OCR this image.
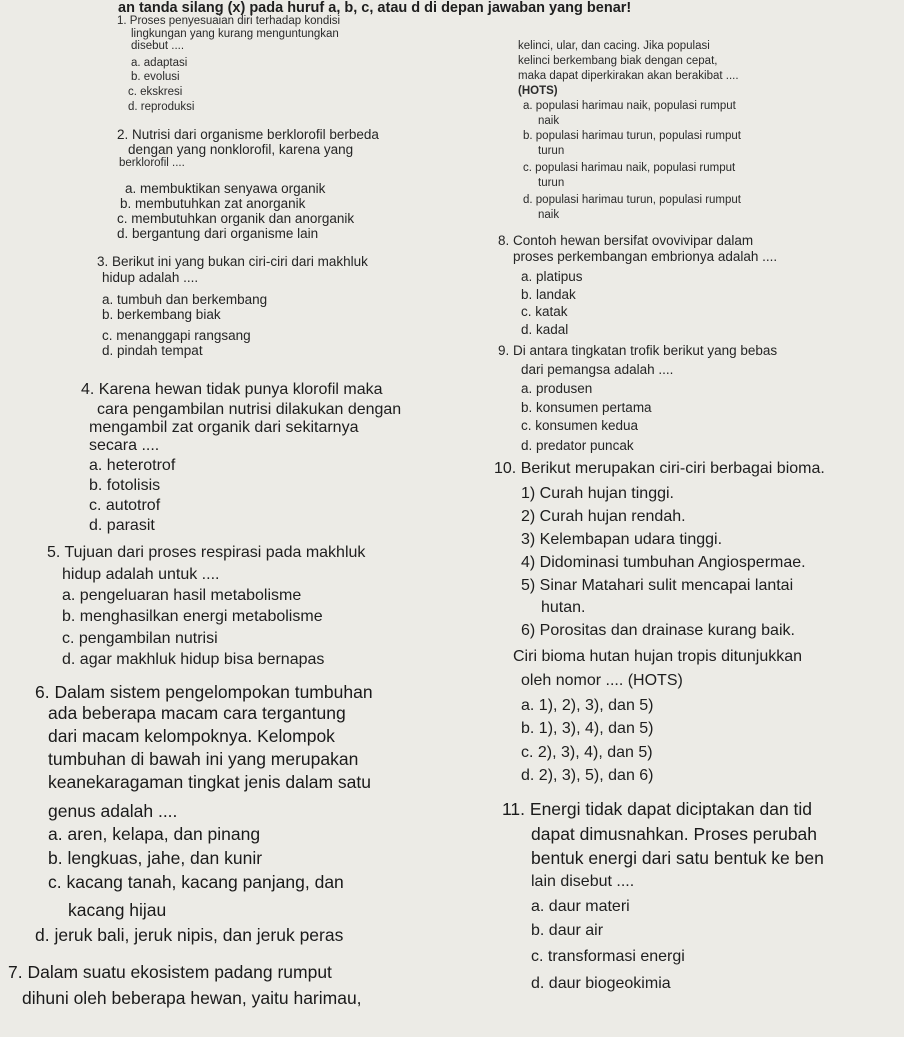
an tanda silang (x) pada huruf a, b, c, atau d di depan jawaban yang benar!
1. Proses penyesuaian diri terhadap kondisi
lingkungan yang kurang menguntungkan
disebut ....
a. adaptasi
b. evolusi
c. ekskresi
d. reproduksi
2. Nutrisi dari organisme berklorofil berbeda
dengan yang nonklorofil, karena yang
berklorofil ....
a. membuktikan senyawa organik
b. membutuhkan zat anorganik
c. membutuhkan organik dan anorganik
d. bergantung dari organisme lain
3. Berikut ini yang bukan ciri-ciri dari makhluk
hidup adalah ....
a. tumbuh dan berkembang
b. berkembang biak
c. menanggapi rangsang
d. pindah tempat
4. Karena hewan tidak punya klorofil maka
cara pengambilan nutrisi dilakukan dengan
mengambil zat organik dari sekitarnya
secara ....
a. heterotrof
b. fotolisis
c. autotrof
d. parasit
5. Tujuan dari proses respirasi pada makhluk
hidup adalah untuk ....
a. pengeluaran hasil metabolisme
b. menghasilkan energi metabolisme
c. pengambilan nutrisi
d. agar makhluk hidup bisa bernapas
6. Dalam sistem pengelompokan tumbuhan
ada beberapa macam cara tergantung
dari macam kelompoknya. Kelompok
tumbuhan di bawah ini yang merupakan
keanekaragaman tingkat jenis dalam satu
genus adalah ....
a. aren, kelapa, dan pinang
b. lengkuas, jahe, dan kunir
c. kacang tanah, kacang panjang, dan
kacang hijau
d. jeruk bali, jeruk nipis, dan jeruk peras
7. Dalam suatu ekosistem padang rumput
dihuni oleh beberapa hewan, yaitu harimau,
kelinci, ular, dan cacing. Jika populasi
kelinci berkembang biak dengan cepat,
maka dapat diperkirakan akan berakibat ....
(HOTS)
a. populasi harimau naik, populasi rumput
naik
b. populasi harimau turun, populasi rumput
turun
c. populasi harimau naik, populasi rumput
turun
d. populasi harimau turun, populasi rumput
naik
8. Contoh hewan bersifat ovovivipar dalam
proses perkembangan embrionya adalah ....
a. platipus
b. landak
c. katak
d. kadal
9. Di antara tingkatan trofik berikut yang bebas
dari pemangsa adalah ....
a. produsen
b. konsumen pertama
c. konsumen kedua
d. predator puncak
10. Berikut merupakan ciri-ciri berbagai bioma.
1) Curah hujan tinggi.
2) Curah hujan rendah.
3) Kelembapan udara tinggi.
4) Didominasi tumbuhan Angiospermae.
5) Sinar Matahari sulit mencapai lantai
hutan.
6) Porositas dan drainase kurang baik.
Ciri bioma hutan hujan tropis ditunjukkan
oleh nomor .... (HOTS)
a. 1), 2), 3), dan 5)
b. 1), 3), 4), dan 5)
c. 2), 3), 4), dan 5)
d. 2), 3), 5), dan 6)
11. Energi tidak dapat diciptakan dan tid
dapat dimusnahkan. Proses perubah
bentuk energi dari satu bentuk ke ben
lain disebut ....
a. daur materi
b. daur air
c. transformasi energi
d. daur biogeokimia
